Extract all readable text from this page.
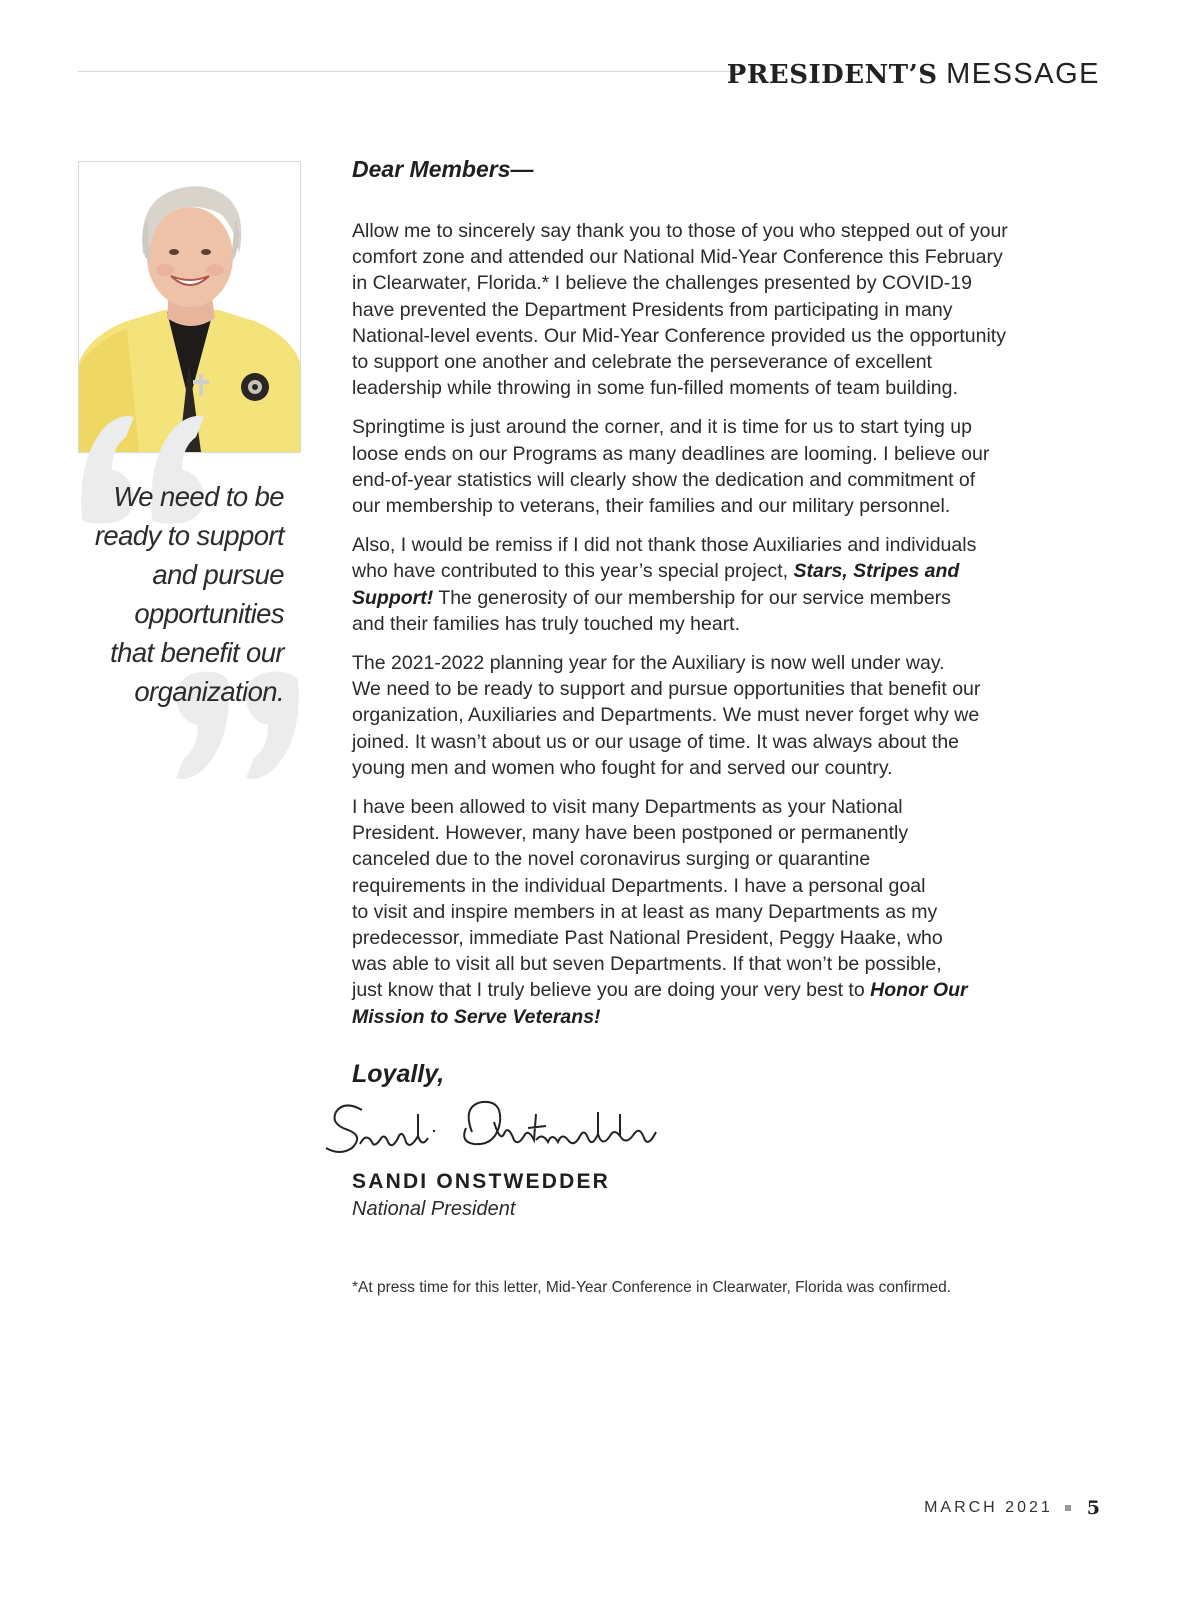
PRESIDENT’S MESSAGE
We need to be
ready to support
and pursue
opportunities
that benefit our
organization.
Dear Members—
Allow me to sincerely say thank you to those of you who stepped out of your
comfort zone and attended our National Mid-Year Conference this February
in Clearwater, Florida.* I believe the challenges presented by COVID-19
have prevented the Department Presidents from participating in many
National-level events. Our Mid-Year Conference provided us the opportunity
to support one another and celebrate the perseverance of excellent
leadership while throwing in some fun-filled moments of team building.
Springtime is just around the corner, and it is time for us to start tying up
loose ends on our Programs as many deadlines are looming. I believe our
end-of-year statistics will clearly show the dedication and commitment of
our membership to veterans, their families and our military personnel.
Also, I would be remiss if I did not thank those Auxiliaries and individuals
who have contributed to this year’s special project, Stars, Stripes and
Support! The generosity of our membership for our service members
and their families has truly touched my heart.
The 2021-2022 planning year for the Auxiliary is now well under way.
We need to be ready to support and pursue opportunities that benefit our
organization, Auxiliaries and Departments. We must never forget why we
joined. It wasn’t about us or our usage of time. It was always about the
young men and women who fought for and served our country.
I have been allowed to visit many Departments as your National
President. However, many have been postponed or permanently
canceled due to the novel coronavirus surging or quarantine
requirements in the individual Departments. I have a personal goal
to visit and inspire members in at least as many Departments as my
predecessor, immediate Past National President, Peggy Haake, who
was able to visit all but seven Departments. If that won’t be possible,
just know that I truly believe you are doing your very best to Honor Our
Mission to Serve Veterans!
Loyally,
SANDI ONSTWEDDER
National President
*At press time for this letter, Mid-Year Conference in Clearwater, Florida was confirmed.
MARCH 2021 5
